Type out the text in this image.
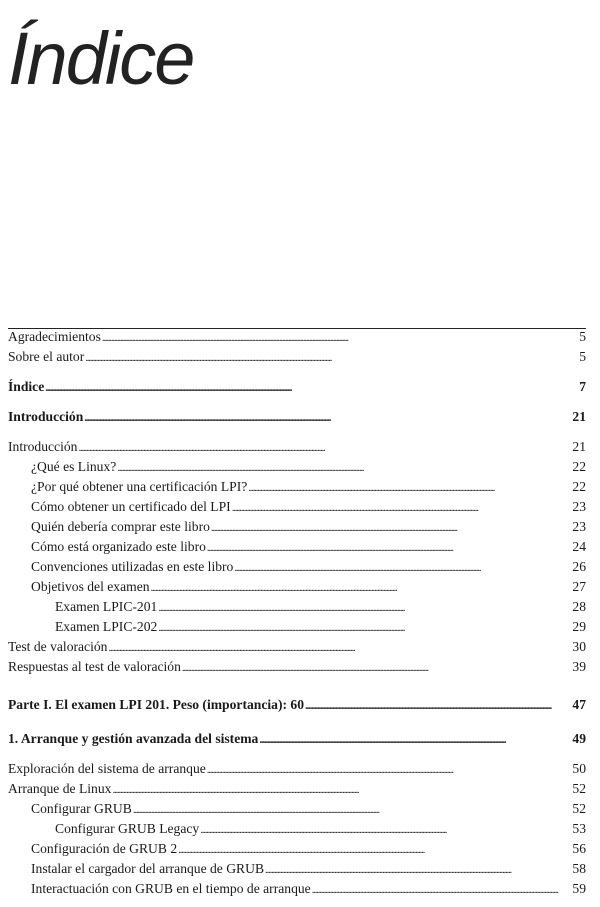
Índice
Agradecimientos . . .	5
Sobre el autor . . .	5
Índice . . .	7
Introducción . . .	21
Introducción . . .	21
¿Qué es Linux? . . .	22
¿Por qué obtener una certificación LPI? . . .	22
Cómo obtener un certificado del LPI . . .	23
Quién debería comprar este libro . . .	23
Cómo está organizado este libro . . .	24
Convenciones utilizadas en este libro . . .	26
Objetivos del examen . . .	27
Examen LPIC-201 . . .	28
Examen LPIC-202 . . .	29
Test de valoración . . .	30
Respuestas al test de valoración . . .	39
Parte I. El examen LPI 201. Peso (importancia): 60 . . .	47
1. Arranque y gestión avanzada del sistema . . .	49
Exploración del sistema de arranque . . .	50
Arranque de Linux . . .	52
Configurar GRUB . . .	52
Configurar GRUB Legacy . . .	53
Configuración de GRUB 2 . . .	56
Instalar el cargador del arranque de GRUB . . .	58
Interactuación con GRUB en el tiempo de arranque . . .	59
